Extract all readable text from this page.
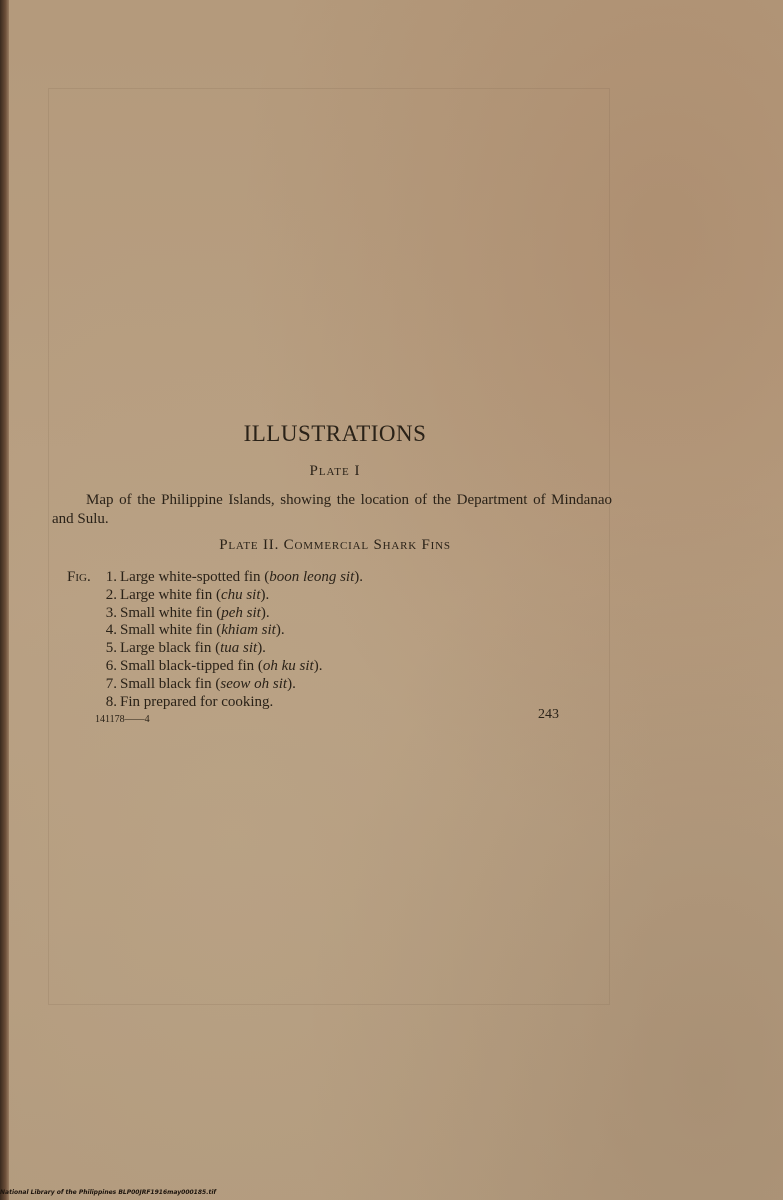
ILLUSTRATIONS
Plate I

Map of the Philippine Islands, showing the location of the Department of Mindanao and Sulu.

Plate II. Commercial Shark Fins
Fig.	1. Large white-spotted fin (boon leong sit).
2. Large white fin (chu sit).
3. Small white fin (peh sit).
4. Small white fin (khiam sit).
5. Large black fin (tua sit).
6. Small black-tipped fin (oh ku sit).
7. Small black fin (seow oh sit).
8. Fin prepared for cooking.
141178——4	243
National Library of the Philippines BLP00JRF1916may000185.tif
